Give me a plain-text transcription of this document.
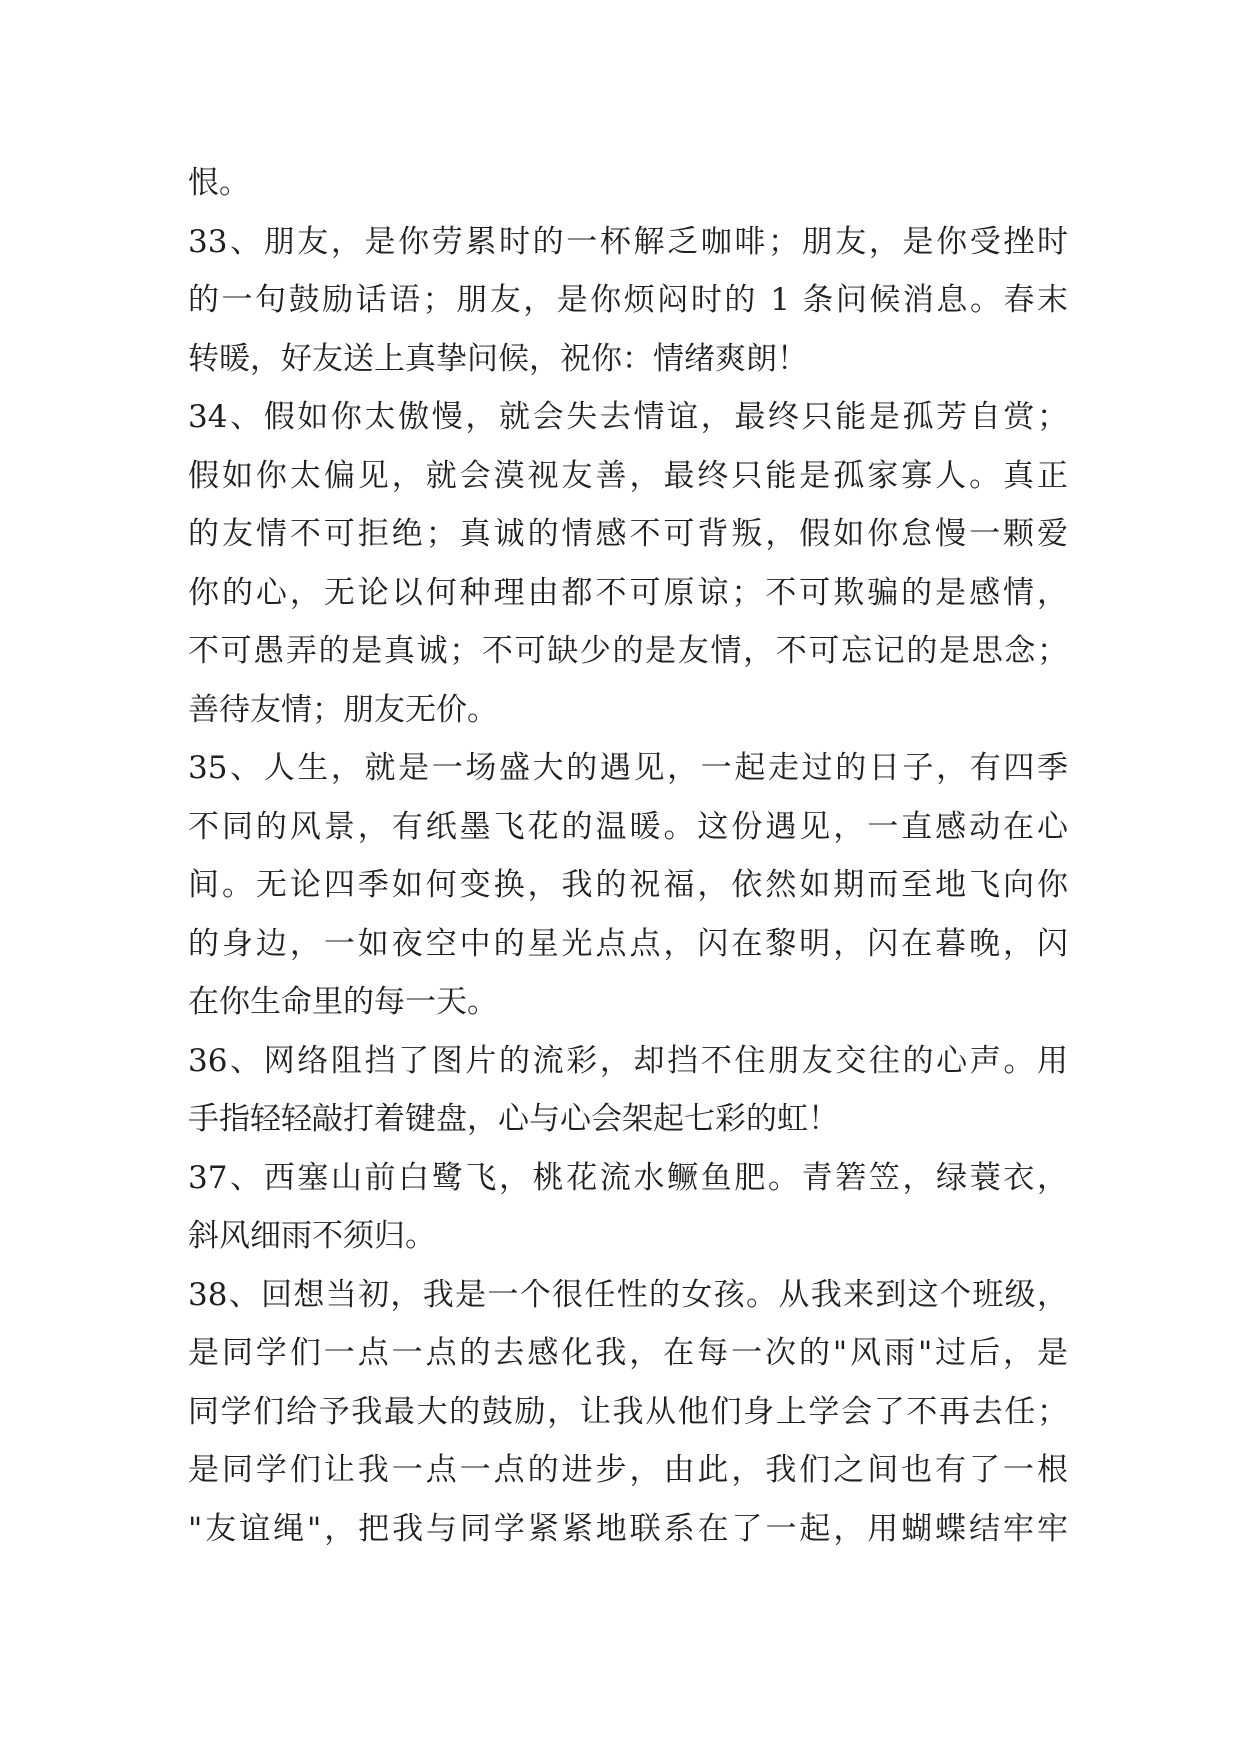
恨。
33、朋友，是你劳累时的一杯解乏咖啡；朋友，是你受挫时
的一句鼓励话语；朋友，是你烦闷时的 1 条问候消息。春末
转暖，好友送上真挚问候，祝你：情绪爽朗！
34、假如你太傲慢，就会失去情谊，最终只能是孤芳自赏；
假如你太偏见，就会漠视友善，最终只能是孤家寡人。真正
的友情不可拒绝；真诚的情感不可背叛，假如你怠慢一颗爱
你的心，无论以何种理由都不可原谅；不可欺骗的是感情，
不可愚弄的是真诚；不可缺少的是友情，不可忘记的是思念；
善待友情；朋友无价。
35、人生，就是一场盛大的遇见，一起走过的日子，有四季
不同的风景，有纸墨飞花的温暖。这份遇见，一直感动在心
间。无论四季如何变换，我的祝福，依然如期而至地飞向你
的身边，一如夜空中的星光点点，闪在黎明，闪在暮晚，闪
在你生命里的每一天。
36、网络阻挡了图片的流彩，却挡不住朋友交往的心声。用
手指轻轻敲打着键盘，心与心会架起七彩的虹！
37、西塞山前白鹭飞，桃花流水鳜鱼肥。青箬笠，绿蓑衣，
斜风细雨不须归。
38、回想当初，我是一个很任性的女孩。从我来到这个班级，
是同学们一点一点的去感化我，在每一次的"风雨"过后，是
同学们给予我最大的鼓励，让我从他们身上学会了不再去任；
是同学们让我一点一点的进步，由此，我们之间也有了一根
"友谊绳"，把我与同学紧紧地联系在了一起，用蝴蝶结牢牢
